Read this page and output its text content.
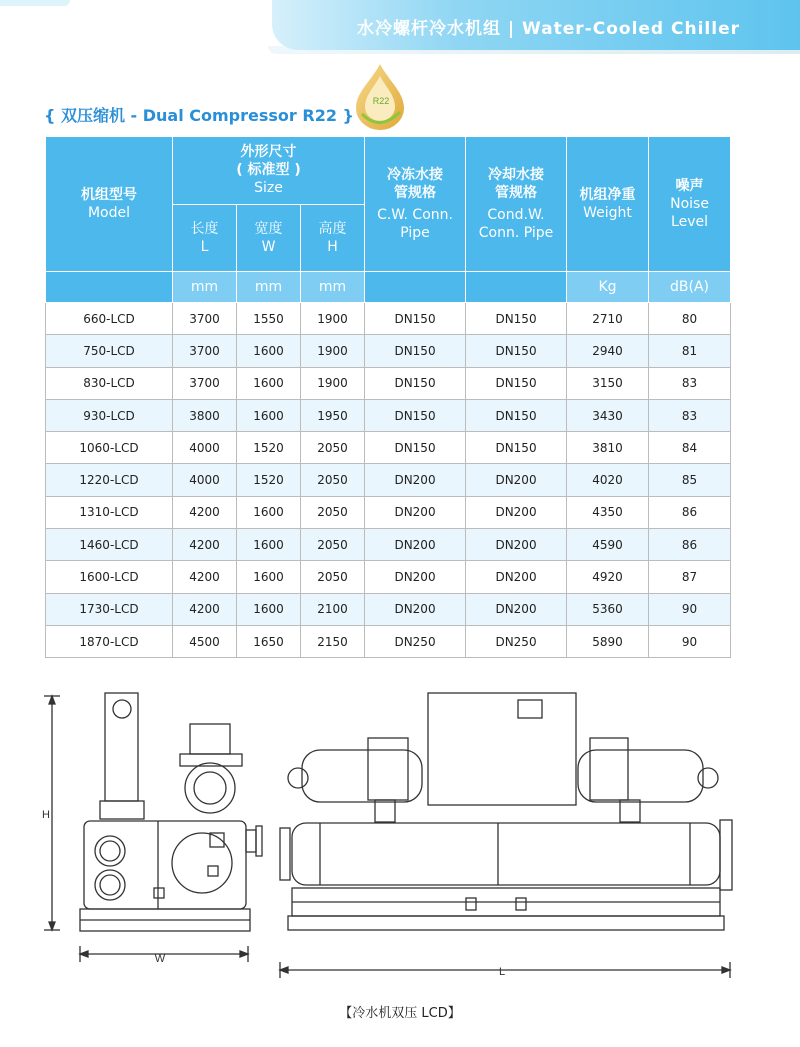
水冷螺杆冷水机组 | Water-Cooled Chiller
{ 双压缩机 - Dual Compressor R22 }
R22
机组型号
Model	外形尺寸
( 标准型 )
Size			冷冻水接
管规格
C.W. Conn.
Pipe	冷却水接
管规格
Cond.W.
Conn. Pipe	机组净重
Weight	噪声
Noise
Level

	长度
L	宽度
W	高度
H				

	mm	mm	mm			Kg	dB(A)
660-LCD	3700	1550	1900	DN150	DN150	2710	80
750-LCD	3700	1600	1900	DN150	DN150	2940	81
830-LCD	3700	1600	1900	DN150	DN150	3150	83
930-LCD	3800	1600	1950	DN150	DN150	3430	83
1060-LCD	4000	1520	2050	DN150	DN150	3810	84
1220-LCD	4000	1520	2050	DN200	DN200	4020	85
1310-LCD	4200	1600	2050	DN200	DN200	4350	86
1460-LCD	4200	1600	2050	DN200	DN200	4590	86
1600-LCD	4200	1600	2050	DN200	DN200	4920	87
1730-LCD	4200	1600	2100	DN200	DN200	5360	90
1870-LCD	4500	1650	2150	DN250	DN250	5890	90
H
W
L
【冷水机双压 LCD】
